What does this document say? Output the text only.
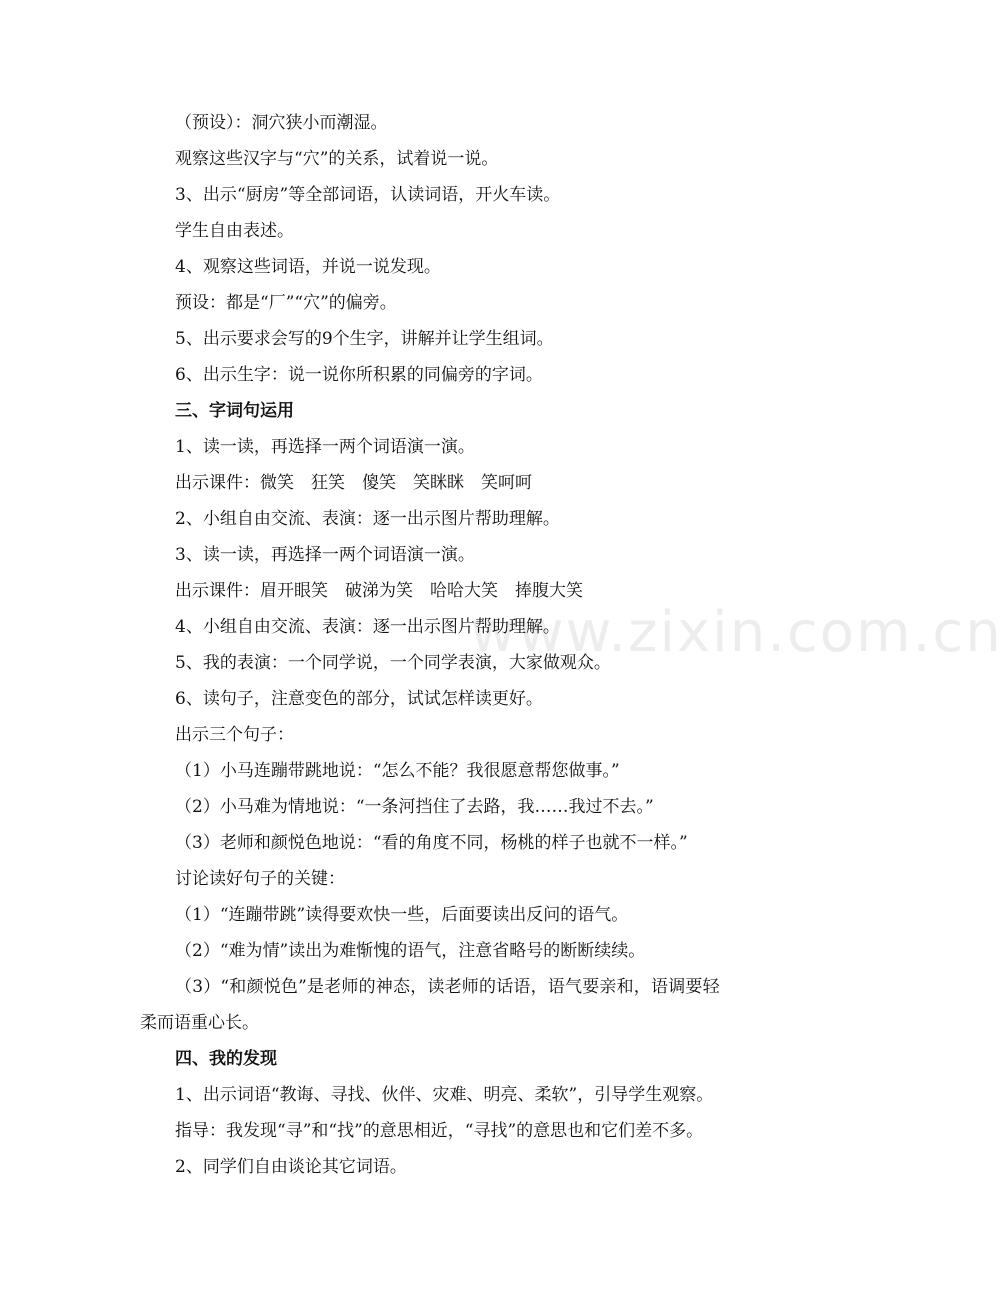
www.zixin.com.cn
（预设）：洞穴狭小而潮湿。
观察这些汉字与“穴”的关系，试着说一说。
3、出示“厨房”等全部词语，认读词语，开火车读。
学生自由表述。
4、观察这些词语，并说一说发现。
预设：都是“厂”“穴”的偏旁。
5、出示要求会写的9个生字，讲解并让学生组词。
6、出示生字：说一说你所积累的同偏旁的字词。
三、字词句运用
1、读一读，再选择一两个词语演一演。
出示课件：微笑　狂笑　傻笑　笑眯眯　笑呵呵
2、小组自由交流、表演：逐一出示图片帮助理解。
3、读一读，再选择一两个词语演一演。
出示课件：眉开眼笑　破涕为笑　哈哈大笑　捧腹大笑
4、小组自由交流、表演：逐一出示图片帮助理解。
5、我的表演：一个同学说，一个同学表演，大家做观众。
6、读句子，注意变色的部分，试试怎样读更好。
出示三个句子：
（1）小马连蹦带跳地说：“怎么不能？我很愿意帮您做事。”
（2）小马难为情地说：“一条河挡住了去路，我……我过不去。”
（3）老师和颜悦色地说：“看的角度不同，杨桃的样子也就不一样。”
讨论读好句子的关键：
（1）“连蹦带跳”读得要欢快一些，后面要读出反问的语气。
（2）“难为情”读出为难惭愧的语气，注意省略号的断断续续。
（3）“和颜悦色”是老师的神态，读老师的话语，语气要亲和，语调要轻
柔而语重心长。
四、我的发现
1、出示词语“教诲、寻找、伙伴、灾难、明亮、柔软”，引导学生观察。
指导：我发现“寻”和“找”的意思相近，“寻找”的意思也和它们差不多。
2、同学们自由谈论其它词语。
